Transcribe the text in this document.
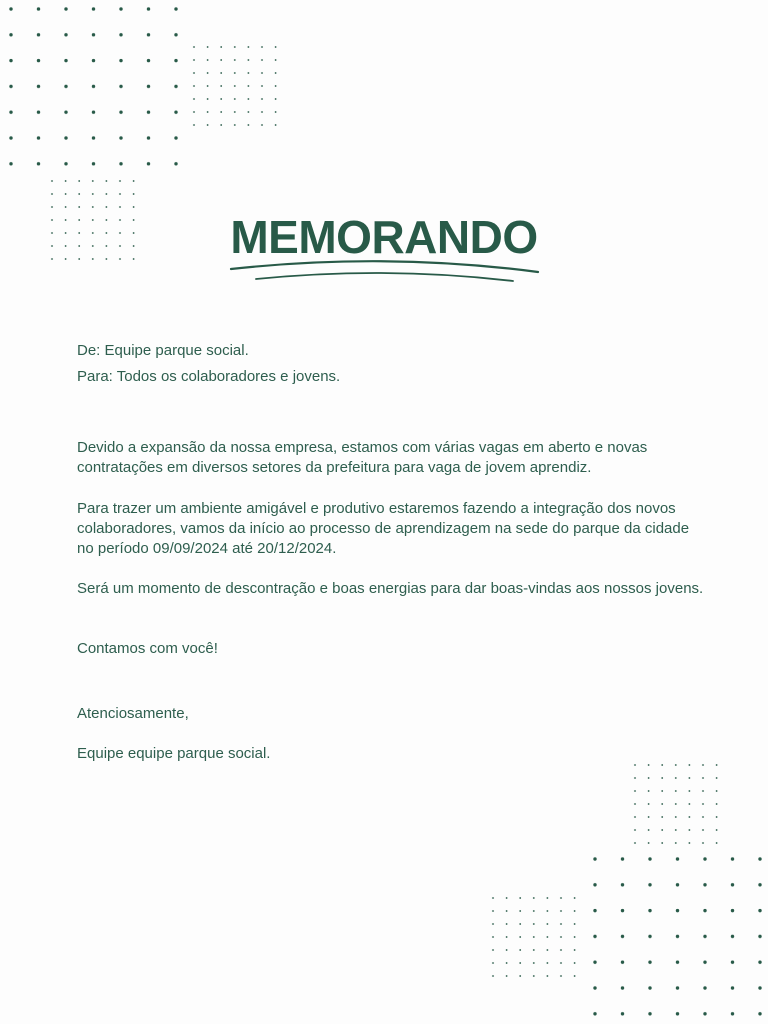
MEMORANDO
De: Equipe parque social.
Para: Todos os colaboradores e jovens.

Devido a expansão da nossa empresa, estamos com várias vagas em aberto e novas contratações em diversos setores da prefeitura para vaga de jovem aprendiz.

Para trazer um ambiente amigável e produtivo estaremos fazendo a integração dos novos colaboradores, vamos da início ao processo de aprendizagem na sede do parque da cidade no período 09/09/2024 até 20/12/2024.

Será um momento de descontração e boas energias para dar boas-vindas aos nossos jovens.

Contamos com você!

Atenciosamente,
Equipe equipe parque social.
